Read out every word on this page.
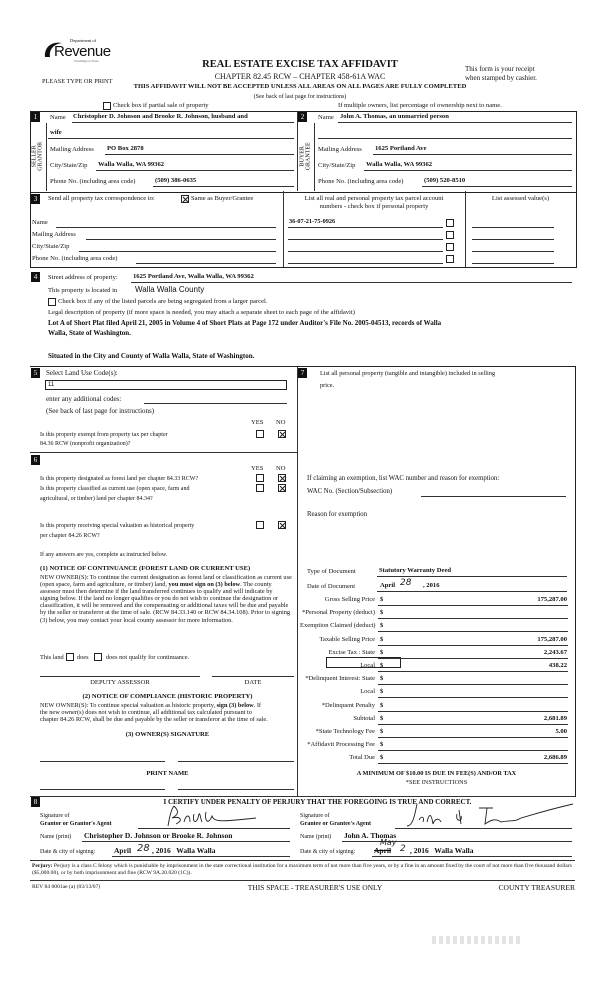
Department of
Revenue
Washington State
PLEASE TYPE OR PRINT
REAL ESTATE EXCISE TAX AFFIDAVIT
CHAPTER 82.45 RCW – CHAPTER 458-61A WAC
THIS AFFIDAVIT WILL NOT BE ACCEPTED UNLESS ALL AREAS ON ALL PAGES ARE FULLY COMPLETED
(See back of last page for instructions)
This form is your receipt
when stamped by cashier.
Check box if partial sale of property	If multiple owners, list percentage of ownership next to name.
1
SELLER GRANTOR
Name Christopher D. Johnson and Brooke R. Johnson, husband and
wife
Mailing Address PO Box 2878
City/State/Zip Walla Walla, WA 99362
Phone No. (including area code)	(509) 386-0635
2
BUYER GRANTEE
Name John A. Thomas, an unmarried person
Mailing Address 1625 Portland Ave
City/State/Zip Walla Walla, WA 99362
Phone No. (including area code)	(509) 520-8510
3	Send all property tax correspondence to:	Same as Buyer/Grantee
Name
Mailing Address
City/State/Zip
Phone No. (including area code)
List all real and personal property tax parcel account
numbers - check box if personal property
List assessed value(s)
36-07-21-75-0926
4	Street address of property: 1625 Portland Ave, Walla Walla, WA 99362
This property is located in Walla Walla County
Check box if any of the listed parcels are being segregated from a larger parcel.
Legal description of property (if more space is needed, you may attach a separate sheet to each page of the affidavit)
Lot A of Short Plat filed April 21, 2005 in Volume 4 of Short Plats at Page 172 under Auditor's File No. 2005-04513, records of Walla
Walla, State of Washington.
Situated in the City and County of Walla Walla, State of Washington.
5	Select Land Use Code(s):
11
enter any additional codes:
(See back of last page for instructions)
YES NO
Is this property exempt from property tax per chapter
84.36 RCW (nonprofit organization)?
6
YES NO
Is this property designated as forest land per chapter 84.33 RCW?
Is this property classified as current use (open space, farm and
agricultural, or timber) land per chapter 84.34?
Is this property receiving special valuation as historical property
per chapter 84.26 RCW?
If any answers are yes, complete as instructed below.
(1) NOTICE OF CONTINUANCE (FOREST LAND OR CURRENT USE)
NEW OWNER(S): To continue the current designation as forest land or classification as current use (open space, farm and agriculture, or timber) land, you must sign on (3) below. The county assessor must then determine if the land transferred continues to qualify and will indicate by signing below. If the land no longer qualifies or you do not wish to continue the designation or classification, it will be removed and the compensating or additional taxes will be due and payable by the seller or transferor at the time of sale. (RCW 84.33.140 or RCW 84.34.108). Prior to signing (3) below, you may contact your local county assessor for more information.
This land does	does not qualify for continuance.
DEPUTY ASSESSOR	DATE
(2) NOTICE OF COMPLIANCE (HISTORIC PROPERTY)
NEW OWNER(S): To continue special valuation as historic property, sign (3) below. If the new owner(s) does not wish to continue, all additional tax calculated pursuant to chapter 84.26 RCW, shall be due and payable by the seller or transferor at the time of sale.
(3) OWNER(S) SIGNATURE
PRINT NAME
7	List all personal property (tangible and intangible) included in selling
price.
If claiming an exemption, list WAC number and reason for exemption:
WAC No. (Section/Subsection)
Reason for exemption
Type of Document	Statutory Warranty Deed
Date of Document	April 28 , 2016
Gross Selling Price $	175,287.00
*Personal Property (deduct) $
Exemption Claimed (deduct) $
Taxable Selling Price $	175,287.00
Excise Tax : State $	2,243.67
Local $	438.22
*Delinquent Interest: State $
Local $
*Delinquent Penalty $
Subtotal $	2,681.89
*State Technology Fee $	5.00
*Affidavit Processing Fee $
Total Due $	2,686.89
A MINIMUM OF $10.00 IS DUE IN FEE(S) AND/OR TAX
*SEE INSTRUCTIONS
8	I CERTIFY UNDER PENALTY OF PERJURY THAT THE FOREGOING IS TRUE AND CORRECT.
Signature of
Grantor or Grantor's Agent
Name (print) Christopher D. Johnson or Brooke R. Johnson
Date & city of signing: April 28 , 2016   Walla Walla
Signature of
Grantee or Grantee's Agent
Name (print) John A. Thomas
Date & city of signing: April
May
2 , 2016   Walla Walla
Perjury: Perjury is a class C felony which is punishable by imprisonment in the state correctional institution for a maximum term of not more than five years, or by a fine in an amount fixed by the court of not more than five thousand dollars ($5,000.00), or by both imprisonment and fine (RCW 9A.20.020 (1C)).
REV 84 0001ae (a) (03/13/07)	THIS SPACE - TREASURER'S USE ONLY	COUNTY TREASURER
